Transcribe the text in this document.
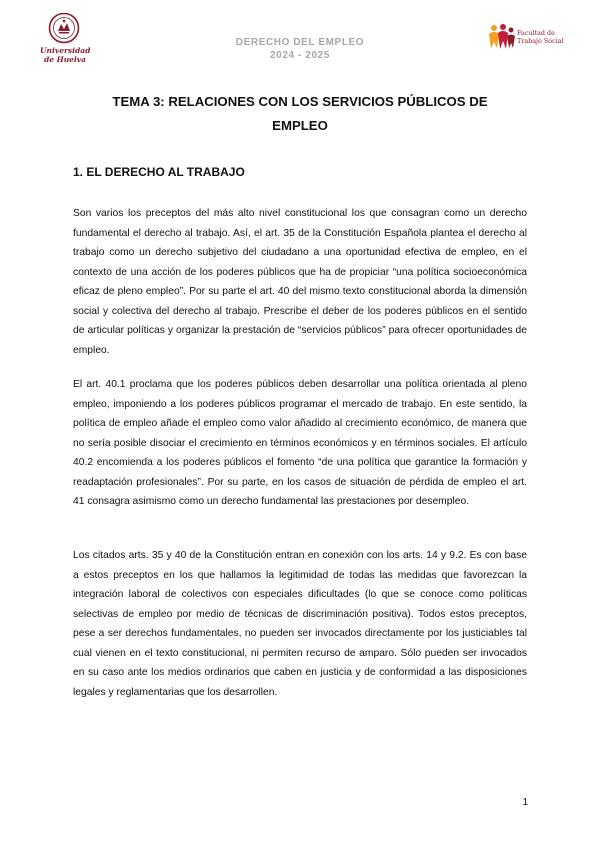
Universidad
de Huelva
DERECHO DEL EMPLEO
2024 - 2025
Facultad de
Trabajo Social
TEMA 3: RELACIONES CON LOS SERVICIOS PÚBLICOS DE
EMPLEO
1. EL DERECHO AL TRABAJO

Son varios los preceptos del más alto nivel constitucional los que consagran como un derecho fundamental el derecho al trabajo. Así, el art. 35 de la Constitución Española plantea el derecho al trabajo como un derecho subjetivo del ciudadano a una oportunidad efectiva de empleo, en el contexto de una acción de los poderes públicos que ha de propiciar “una política socioeconómica eficaz de pleno empleo”. Por su parte el art. 40 del mismo texto constitucional aborda la dimensión social y colectiva del derecho al trabajo. Prescribe el deber de los poderes públicos en el sentido de articular políticas y organizar la prestación de “servicios públicos” para ofrecer oportunidades de empleo.

El art. 40.1 proclama que los poderes públicos deben desarrollar una política orientada al pleno empleo, imponiendo a los poderes públicos programar el mercado de trabajo. En este sentido, la política de empleo añade el empleo como valor añadido al crecimiento económico, de manera que no sería posible disociar el crecimiento en términos económicos y en términos sociales. El artículo 40.2 encomienda a los poderes públicos el fomento “de una política que garantice la formación y readaptación profesionales”. Por su parte, en los casos de situación de pérdida de empleo el art. 41 consagra asimismo como un derecho fundamental las prestaciones por desempleo.

Los citados arts. 35 y 40 de la Constitución entran en conexión con los arts. 14 y 9.2. Es con base a estos preceptos en los que hallamos la legitimidad de todas las medidas que favorezcan la integración laboral de colectivos con especiales dificultades (lo que se conoce como políticas selectivas de empleo por medio de técnicas de discriminación positiva). Todos estos preceptos, pese a ser derechos fundamentales, no pueden ser invocados directamente por los justiciables tal cual vienen en el texto constitucional, ni permiten recurso de amparo. Sólo pueden ser invocados en su caso ante los medios ordinarios que caben en justicia y de conformidad a las disposiciones legales y reglamentarias que los desarrollen.

1
